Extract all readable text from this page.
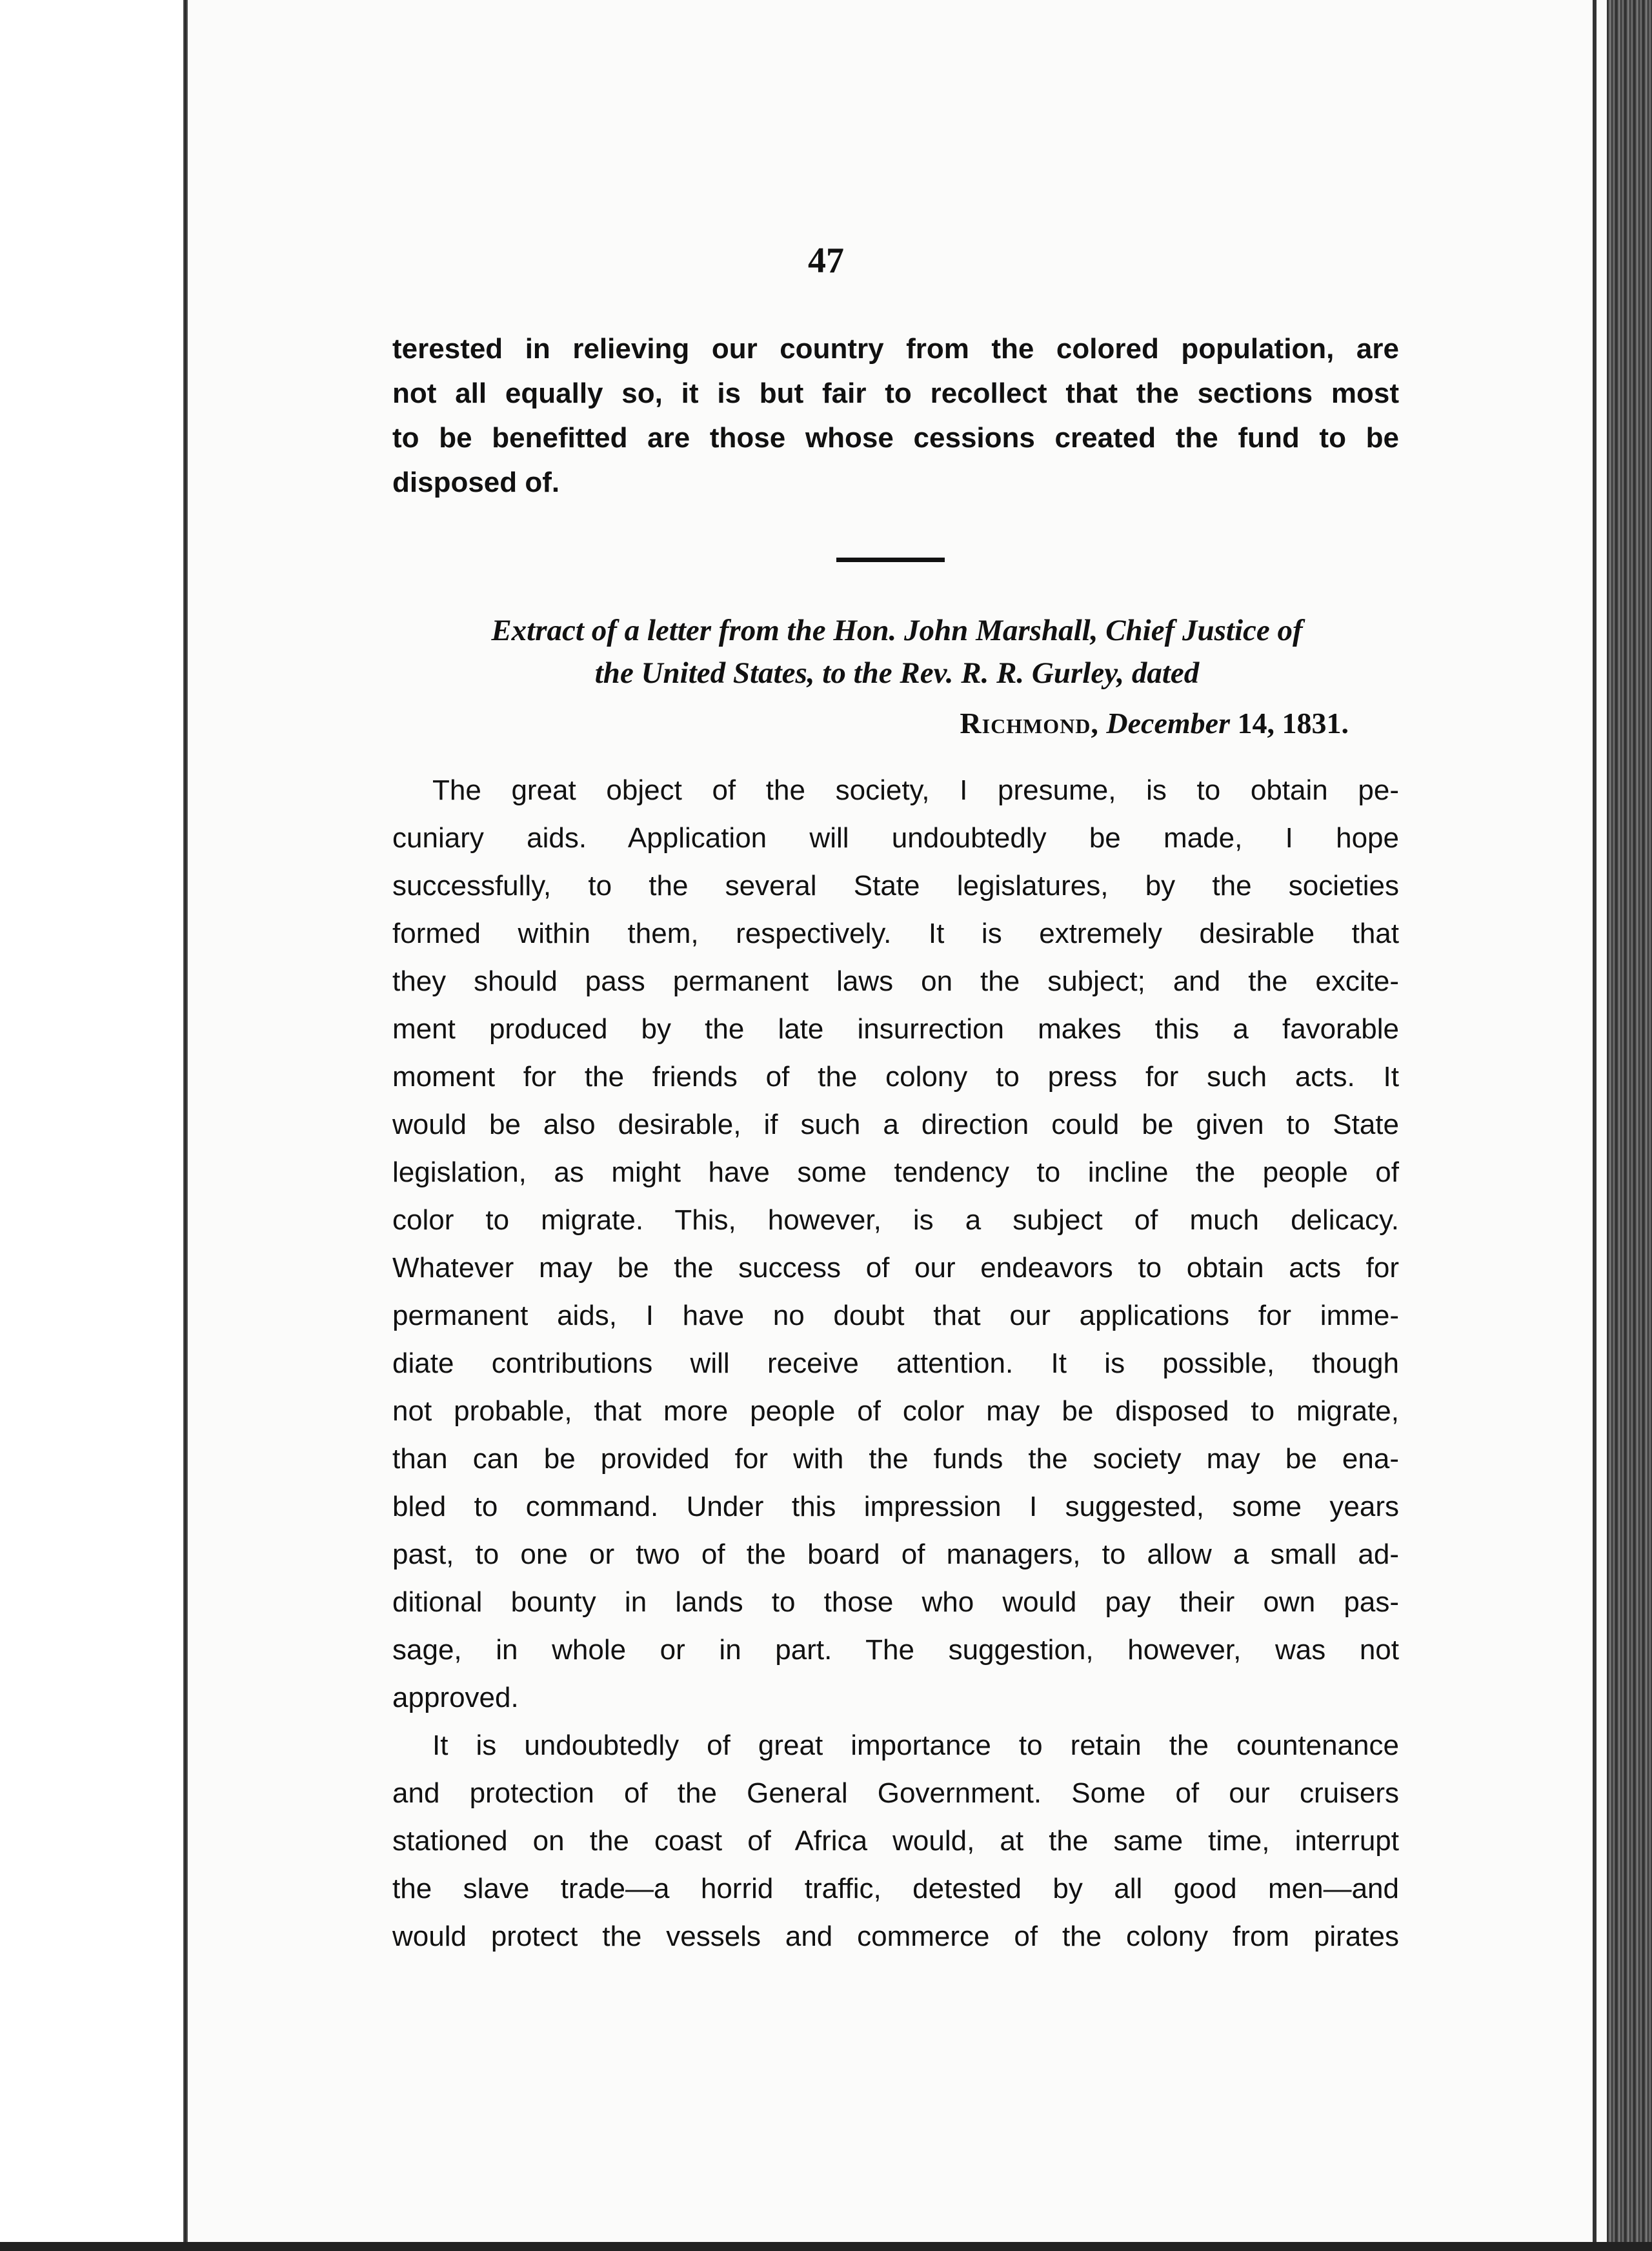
47
terested in relieving our country from the colored population, are
not all equally so, it is but fair to recollect that the sections most
to be benefitted are those whose cessions created the fund to be
disposed of.
Extract of a letter from the Hon. John Marshall, Chief Justice of
the United States, to the Rev. R. R. Gurley, dated
Richmond, December 14, 1831.
The great object of the society, I presume, is to obtain pe-
cuniary aids. Application will undoubtedly be made, I hope
successfully, to the several State legislatures, by the societies
formed within them, respectively. It is extremely desirable that
they should pass permanent laws on the subject; and the excite-
ment produced by the late insurrection makes this a favorable
moment for the friends of the colony to press for such acts. It
would be also desirable, if such a direction could be given to State
legislation, as might have some tendency to incline the people of
color to migrate. This, however, is a subject of much delicacy.
Whatever may be the success of our endeavors to obtain acts for
permanent aids, I have no doubt that our applications for imme-
diate contributions will receive attention. It is possible, though
not probable, that more people of color may be disposed to migrate,
than can be provided for with the funds the society may be ena-
bled to command. Under this impression I suggested, some years
past, to one or two of the board of managers, to allow a small ad-
ditional bounty in lands to those who would pay their own pas-
sage, in whole or in part. The suggestion, however, was not
approved.
It is undoubtedly of great importance to retain the countenance
and protection of the General Government. Some of our cruisers
stationed on the coast of Africa would, at the same time, interrupt
the slave trade—a horrid traffic, detested by all good men—and
would protect the vessels and commerce of the colony from pirates
